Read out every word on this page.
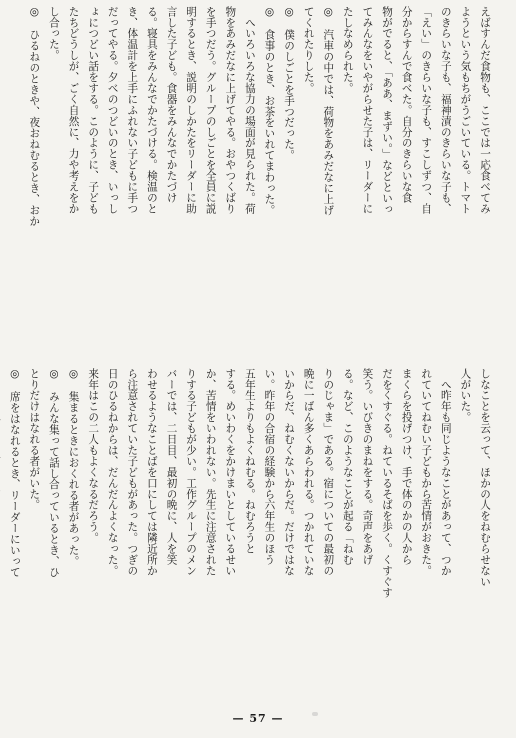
えばすんだ食物も、ここでは一応食べてみ
ようという気もちがうごいている。トマト
のきらいな子も、福神漬のきらいな子も、
「えい」のきらいな子も、すこしずつ、自
分からすんで食べた。自分のきらいな食
物がでると、「ああ、まずい。」などといっ
てみんなをいやがらせた子は、リーダーに
たしなめられた。
◎　汽車の中では、荷物をあみだなに上げ
てくれたりした。
◎　僕のしごとを手つだった。
◎　食事のとき、お茶をいれてまわった。
　へいろいろな協力の場面が見られた。荷
物をあみだなに上げてやる。おやつくばり
を手つだう。グループのしごとを全員に説
明するとき、説明のしかたをリーダーに助
言した子ども。食器をみんなでかたづけ
る。寝具をみんなでかたづける。検温のと
き、体温計を上手にふれない子どもに手つ
だってやる。夕べのつどいのとき、いっし
ょにつどい話をする。このように、子ども
たちどうしが、ごく自然に、力や考えをか
し合った。
◎　ひるねのときや、夜おねむるとき、おか
しなことを云って、ほかの人をねむらせない
人がいた。
　へ昨年も同じようなことがあって、つか
れていてねむい子どもから苦情がおきた。
まくらを投げつけ、手で体のかの人から
だをくすぐる。ねているそばを歩く。くすぐす
笑う。いびきのまねをする。奇声をあげ
る。など、このようなことが起る「ねむ
りのじゃま」である。宿についての最初の
晩に一ばん多くあらわれる。つかれていな
いからだ、ねむくないからだ。だけではな
い。昨年の合宿の経験から六年生のほう
五年生よりもよくねむる。ねむろうと
する。めいわくをかけまいとしているせい
か、苦情をいわれない。先生に注意された
りする子どもが少い。工作グループのメン
バーでは、二日目、最初の晩に、人を笑
わせるようなことばを口にしては隣近所か
ら注意されていた子どもがあった。つぎの
日のひるねからは、だんだんよくなった。
来年はこの二人もよくなるだろう。
◎　集まるときにおくれる者があった。
◎　みんな集って話し合っているとき、ひ
とりだけはなれる者がいた。
◎　席をはなれるとき、リーダーにいって
— 57 —
